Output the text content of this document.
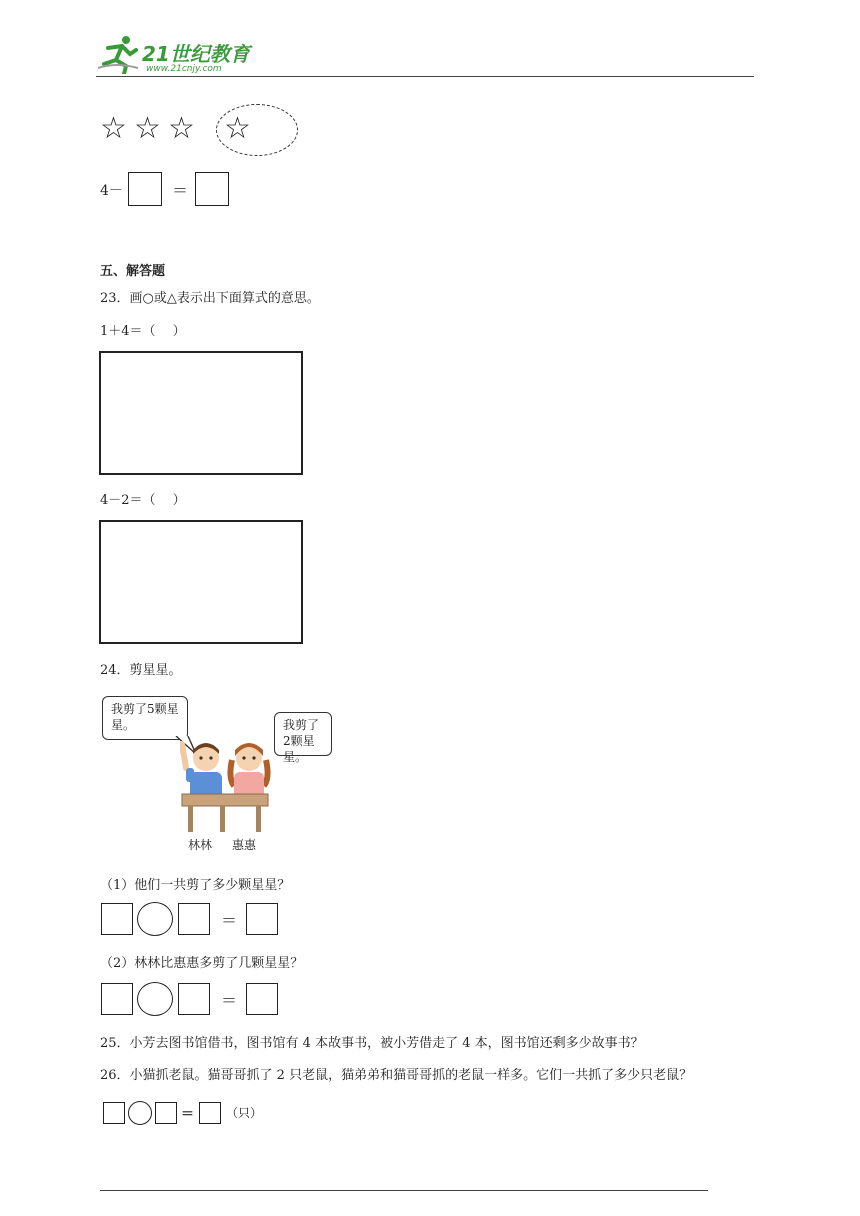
21世纪教育
www.21cnjy.com
☆ ☆ ☆ ☆
4－	＝
五、解答题
23．画○或△表示出下面算式的意思。
1＋4＝（　 ）
4－2＝（　 ）
24．剪星星。
我剪了5颗星星。	我剪了2颗星星。
林林 惠惠
（1）他们一共剪了多少颗星星？
＝
（2）林林比惠惠多剪了几颗星星？
＝
25．小芳去图书馆借书，图书馆有 4 本故事书，被小芳借走了 4 本，图书馆还剩多少故事书？
26．小猫抓老鼠。猫哥哥抓了 2 只老鼠，猫弟弟和猫哥哥抓的老鼠一样多。它们一共抓了多少只老鼠？
＝	（只）
